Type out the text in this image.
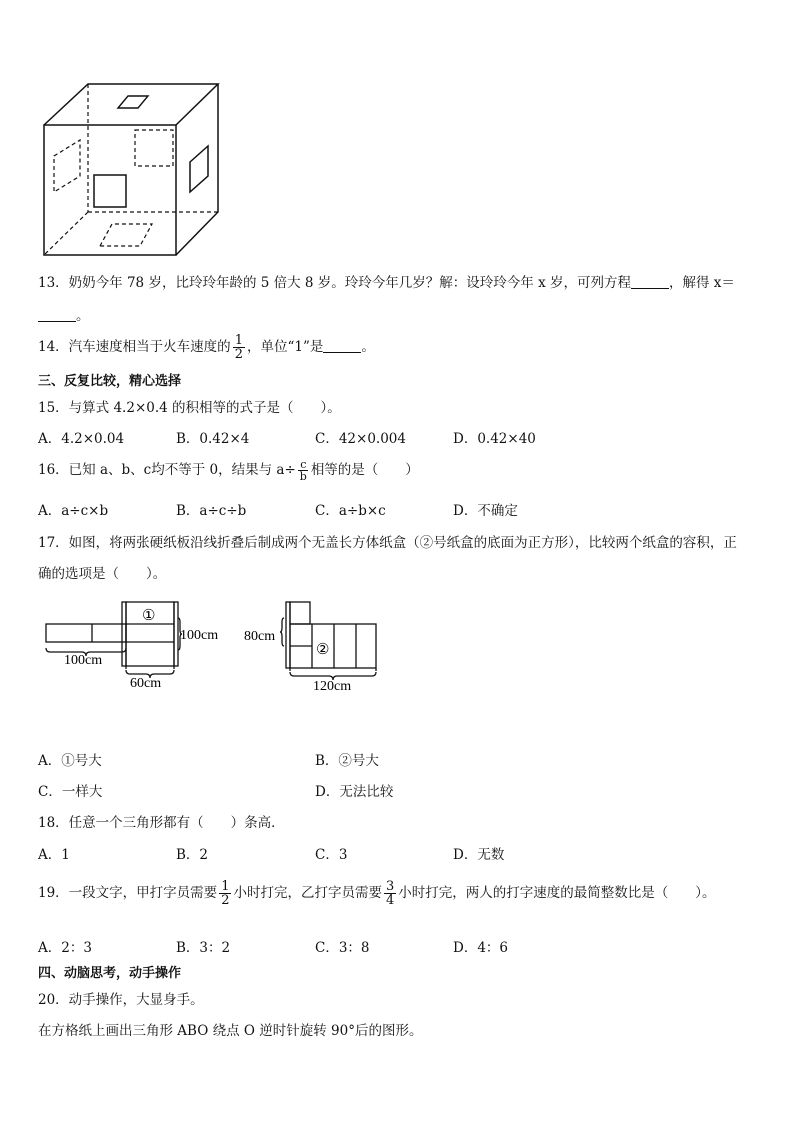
13．奶奶今年 78 岁，比玲玲年龄的 5 倍大 8 岁。玲玲今年几岁？解：设玲玲今年 x 岁，可列方程	，解得 x＝
。
14．汽车速度相当于火车速度的 $\frac{1}{2}$ ，单位“1”是	。
三、反复比较，精心选择
15．与算式 4.2×0.4 的积相等的式子是（　　）。
A．4.2×0.04	B．0.42×4	C．42×0.004	D．0.42×40
16．已知 a、b、c均不等于 0，结果与 $a\div \frac{c}{b}$ 相等的是（　　）
A．a÷c×b	B．a÷c÷b	C．a÷b×c	D．不确定
17．如图，将两张硬纸板沿线折叠后制成两个无盖长方体纸盒（②号纸盒的底面为正方形），比较两个纸盒的容积，正
确的选项是（　　）。
①
100cm
100cm
60cm
②
80cm
120cm
A．①号大	B．②号大
C．一样大	D．无法比较
18．任意一个三角形都有（　　）条高．
A．1	B．2	C．3	D．无数
19．一段文字，甲打字员需要 $\frac{1}{2}$ 小时打完，乙打字员需要 $\frac{3}{4}$ 小时打完，两人的打字速度的最简整数比是（　　）。
A．2：3	B．3：2	C．3：8	D．4：6
四、动脑思考，动手操作
20．动手操作，大显身手。
在方格纸上画出三角形 ABO 绕点 O 逆时针旋转 90°后的图形。
